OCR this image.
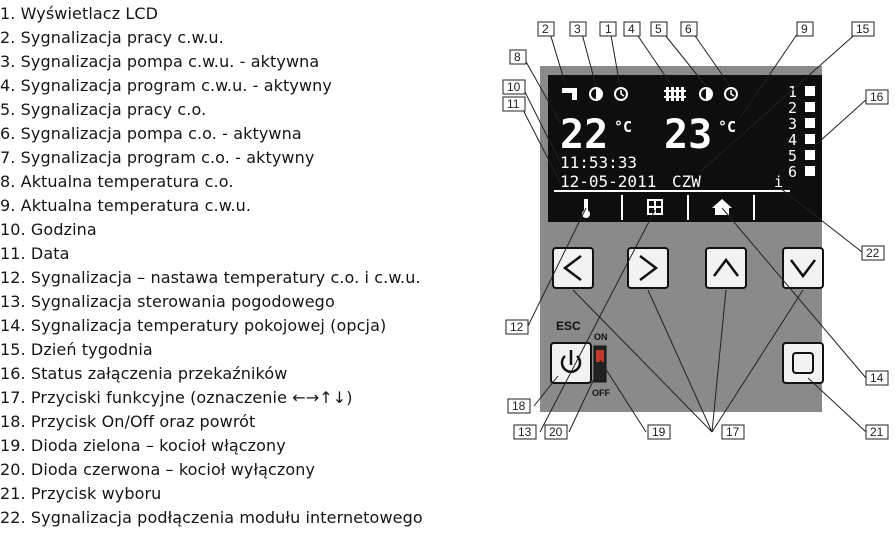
1. Wyświetlacz LCD
2. Sygnalizacja pracy c.w.u.
3. Sygnalizacja pompa c.w.u. - aktywna
4. Sygnalizacja program c.w.u. - aktywny
5. Sygnalizacja pracy c.o.
6. Sygnalizacja pompa c.o. - aktywna
7. Sygnalizacja program c.o. - aktywny
8. Aktualna temperatura c.o.
9. Aktualna temperatura c.w.u.
10. Godzina
11. Data
12. Sygnalizacja – nastawa temperatury c.o. i c.w.u.
13. Sygnalizacja sterowania pogodowego
14. Sygnalizacja temperatury pokojowej (opcja)
15. Dzień tygodnia
16. Status załączenia przekaźników
17. Przyciski funkcyjne (oznaczenie ←→↑↓)
18. Przycisk On/Off oraz powrót
19. Dioda zielona – kocioł włączony
20. Dioda czerwona – kocioł wyłączony
21. Przycisk wyboru
22. Sygnalizacja podłączenia modułu internetowego
22 °C 23 °C
11:53:33
12-05-2011 CZW	i
1
2
3
4
5
6
ESC
ON
OFF
2 3 1 4 5 6	9	15
8
10
11	16
22
12
14
18
13 20	19	17	21
